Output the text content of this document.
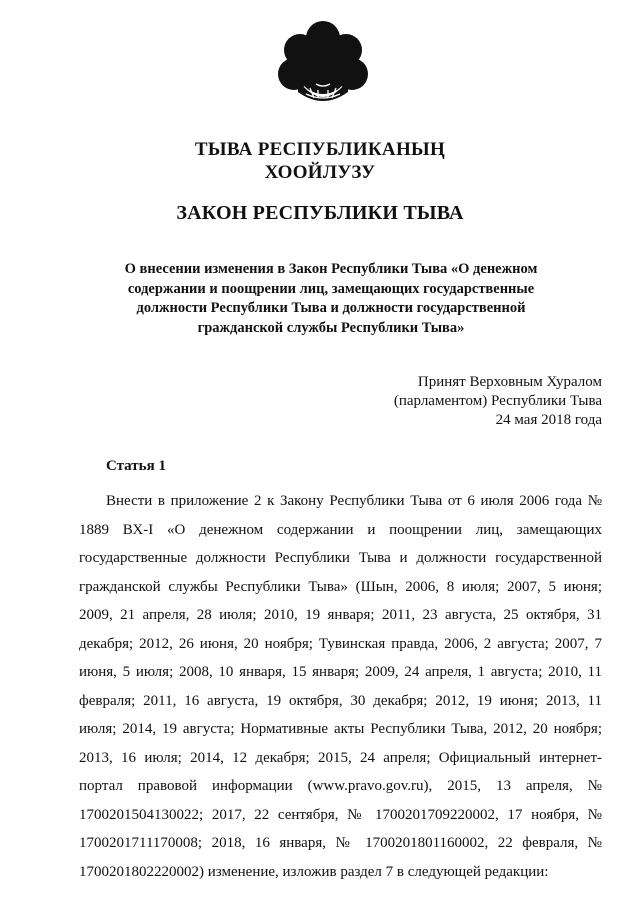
ТЫВА РЕСПУБЛИКАНЫҢ
ХООЙЛУЗУ
ЗАКОН РЕСПУБЛИКИ ТЫВА
О внесении изменения в Закон Республики Тыва «О денежном
содержании и поощрении лиц, замещающих государственные
должности Республики Тыва и должности государственной
гражданской службы Республики Тыва»
Принят Верховным Хуралом
(парламентом) Республики Тыва
24 мая 2018 года
Статья 1
Внести в приложение 2 к Закону Республики Тыва от 6 июля 2006 года №
1889 ВХ-I «О денежном содержании и поощрении лиц, замещающих
государственные должности Республики Тыва и должности государственной
гражданской службы Республики Тыва» (Шын, 2006, 8 июля; 2007, 5 июня;
2009, 21 апреля, 28 июля; 2010, 19 января; 2011, 23 августа, 25 октября, 31
декабря; 2012, 26 июня, 20 ноября; Тувинская правда, 2006, 2 августа; 2007, 7
июня, 5 июля; 2008, 10 января, 15 января; 2009, 24 апреля, 1 августа; 2010, 11
февраля; 2011, 16 августа, 19 октября, 30 декабря; 2012, 19 июня; 2013, 11
июля; 2014, 19 августа; Нормативные акты Республики Тыва, 2012, 20 ноября;
2013, 16 июля; 2014, 12 декабря; 2015, 24 апреля; Официальный интернет-
портал правовой информации (www.pravo.gov.ru), 2015, 13 апреля, №
1700201504130022; 2017, 22 сентября, № 1700201709220002, 17 ноября, №
1700201711170008; 2018, 16 января, № 1700201801160002, 22 февраля, №
1700201802220002) изменение, изложив раздел 7 в следующей редакции:
